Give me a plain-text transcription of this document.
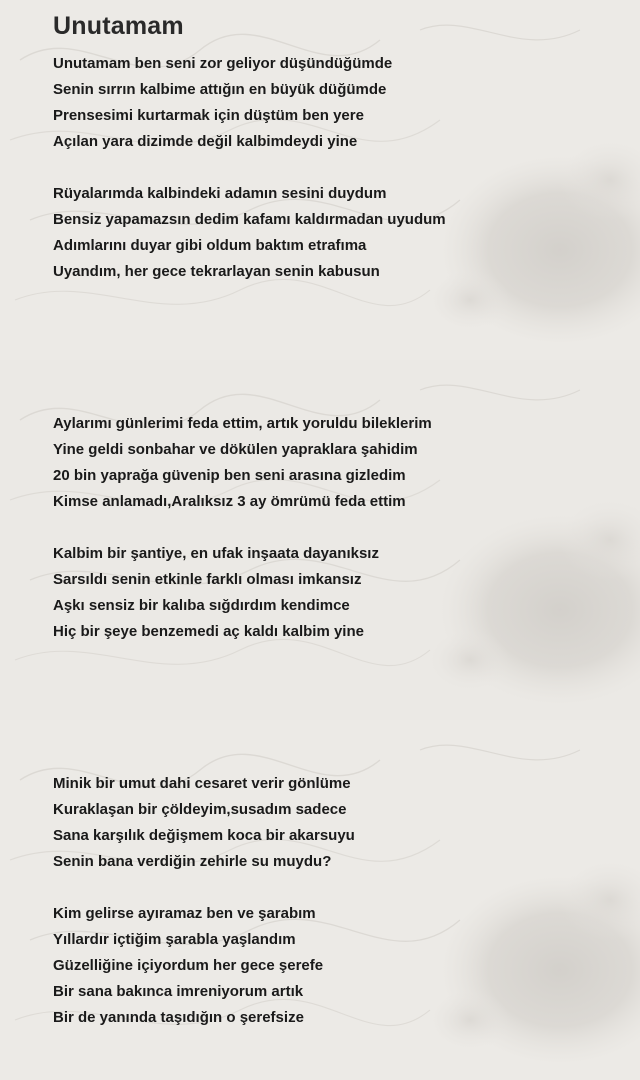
Unutamam
Unutamam ben seni zor geliyor düşündüğümde
Senin sırrın kalbime attığın en büyük düğümde
Prensesimi kurtarmak için düştüm ben yere
Açılan yara dizimde değil kalbimdeydi yine
Rüyalarımda kalbindeki adamın sesini duydum
Bensiz yapamazsın dedim kafamı kaldırmadan uyudum
Adımlarını duyar gibi oldum baktım etrafıma
Uyandım, her gece tekrarlayan senin kabusun
Aylarımı günlerimi feda ettim, artık yoruldu bileklerim
Yine geldi sonbahar ve dökülen yapraklara şahidim
20 bin yaprağa güvenip ben seni arasına gizledim
Kimse anlamadı,Aralıksız 3 ay ömrümü feda ettim
Kalbim bir şantiye, en ufak inşaata dayanıksız
Sarsıldı senin etkinle farklı olması imkansız
Aşkı sensiz bir kalıba sığdırdım kendimce
Hiç bir şeye benzemedi aç kaldı kalbim yine
Minik bir umut dahi cesaret verir gönlüme
Kuraklaşan bir çöldeyim,susadım sadece
Sana karşılık değişmem koca bir akarsuyu
Senin bana verdiğin zehirle su muydu?
Kim gelirse ayıramaz ben ve şarabım
Yıllardır içtiğim şarabla yaşlandım
Güzelliğine içiyordum her gece şerefe
Bir sana bakınca imreniyorum artık
Bir de yanında taşıdığın o şerefsize
